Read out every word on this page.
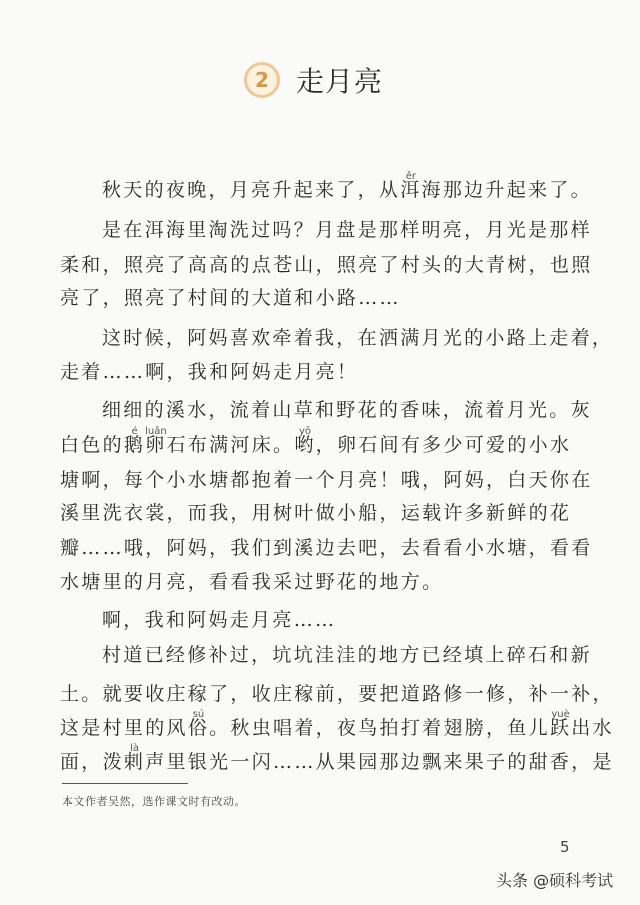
2 走月亮
秋天的夜晚，月亮升起来了，从洱
ěr
海那边升起来了。
是在洱海里淘洗过吗？月盘是那样明亮，月光是那样
柔和，照亮了高高的点苍山，照亮了村头的大青树，也照
亮了，照亮了村间的大道和小路……
这时候，阿妈喜欢牵着我，在洒满月光的小路上走着，
走着……啊，我和阿妈走月亮！
细细的溪水，流着山草和野花的香味，流着月光。灰
白色的鹅
é
卵
luǎn
石布满河床。哟
yō
，卵石间有多少可爱的小水
塘啊，每个小水塘都抱着一个月亮！哦，阿妈，白天你在
溪里洗衣裳，而我，用树叶做小船，运载许多新鲜的花
瓣……哦，阿妈，我们到溪边去吧，去看看小水塘，看看
水塘里的月亮，看看我采过野花的地方。
啊，我和阿妈走月亮……
村道已经修补过，坑坑洼洼的地方已经填上碎石和新
土。就要收庄稼了，收庄稼前，要把道路修一修，补一补，
这是村里的风俗
sú
。秋虫唱着，夜鸟拍打着翅膀，鱼儿跃
yuè
出水
面，泼剌
là
声里银光一闪……从果园那边飘来果子的甜香，是
本文作者吴然，选作课文时有改动。
5
头条 @硕科考试
